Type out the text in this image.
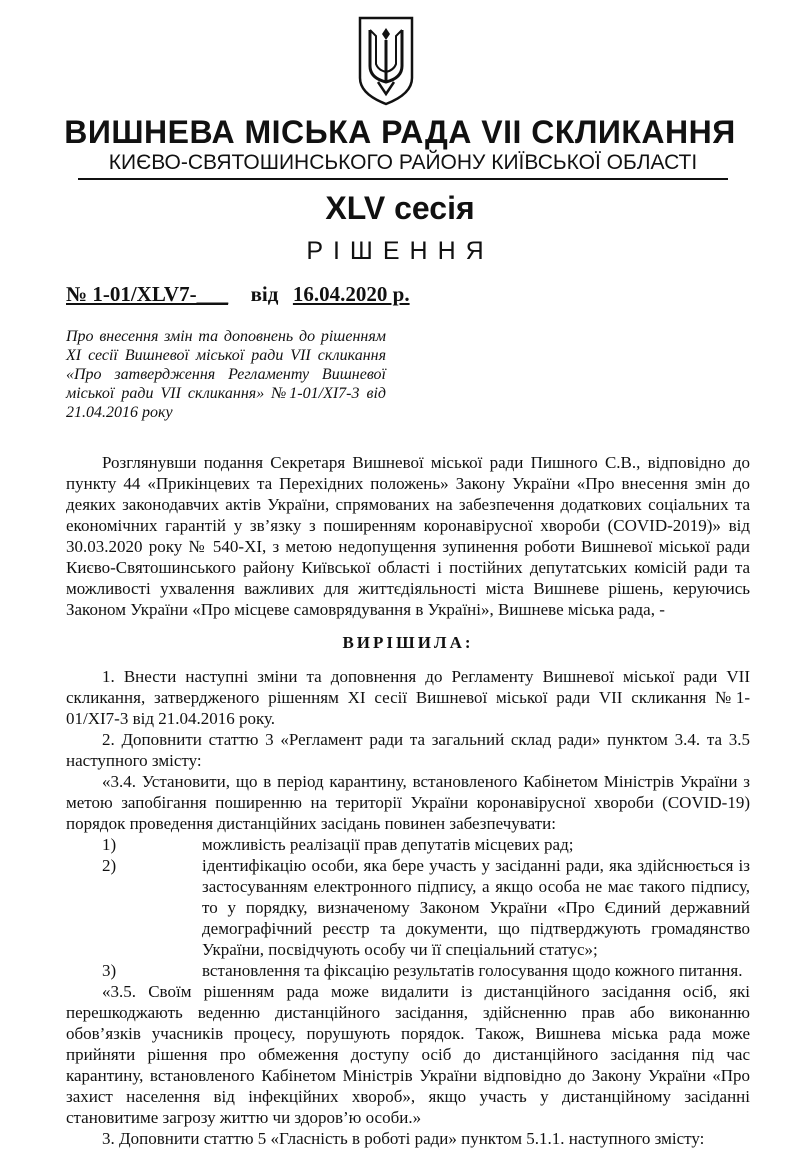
ВИШНЕВА МІСЬКА РАДА VII СКЛИКАННЯ
КИЄВО-СВЯТОШИНСЬКОГО РАЙОНУ КИЇВСЬКОЇ ОБЛАСТІ
XLV сесія
РІШЕННЯ
№ 1-01/XLV7-___ від 16.04.2020 р.
Про внесення змін та доповнень до рішенням XI сесії Вишневої міської ради VII скликання «Про затвердження Регламенту Вишневої міської ради VII скликання» №1-01/XI7-3 від 21.04.2016 року

Розглянувши подання Секретаря Вишневої міської ради Пишного С.В., відповідно до пункту 44 «Прикінцевих та Перехідних положень» Закону України «Про внесення змін до деяких законодавчих актів України, спрямованих на забезпечення додаткових соціальних та економічних гарантій у зв’язку з поширенням коронавірусної хвороби (COVID-2019)» від 30.03.2020 року № 540-ХІ, з метою недопущення зупинення роботи Вишневої міської ради Києво-Святошинського району Київської області і постійних депутатських комісій ради та можливості ухвалення важливих для життєдіяльності міста Вишневе рішень, керуючись Законом України «Про місцеве самоврядування в Україні», Вишневе міська рада, -

ВИРІШИЛА:

1. Внести наступні зміни та доповнення до Регламенту Вишневої міської ради VII скликання, затвердженого рішенням XI сесії Вишневої міської ради VII скликання №1-01/XI7-3 від 21.04.2016 року.

2. Доповнити статтю 3 «Регламент ради та загальний склад ради» пунктом 3.4. та 3.5 наступного змісту:

«3.4. Установити, що в період карантину, встановленого Кабінетом Міністрів України з метою запобігання поширенню на території України коронавірусної хвороби (COVID-19) порядок проведення дистанційних засідань повинен забезпечувати:

1)	можливість реалізації прав депутатів місцевих рад;
2)	ідентифікацію особи, яка бере участь у засіданні ради, яка здійснюється із застосуванням електронного підпису, а якщо особа не має такого підпису, то у порядку, визначеному Законом України «Про Єдиний державний демографічний реєстр та документи, що підтверджують громадянство України, посвідчують особу чи її спеціальний статус»;
3)	встановлення та фіксацію результатів голосування щодо кожного питання.

«3.5. Своїм рішенням рада може видалити із дистанційного засідання осіб, які перешкоджають веденню дистанційного засідання, здійсненню прав або виконанню обов’язків учасників процесу, порушують порядок. Також, Вишнева міська рада може прийняти рішення про обмеження доступу осіб до дистанційного засідання під час карантину, встановленого Кабінетом Міністрів України відповідно до Закону України «Про захист населення від інфекційних хвороб», якщо участь у дистанційному засіданні становитиме загрозу життю чи здоров’ю особи.»

3. Доповнити статтю 5 «Гласність в роботі ради» пунктом 5.1.1. наступного змісту:
